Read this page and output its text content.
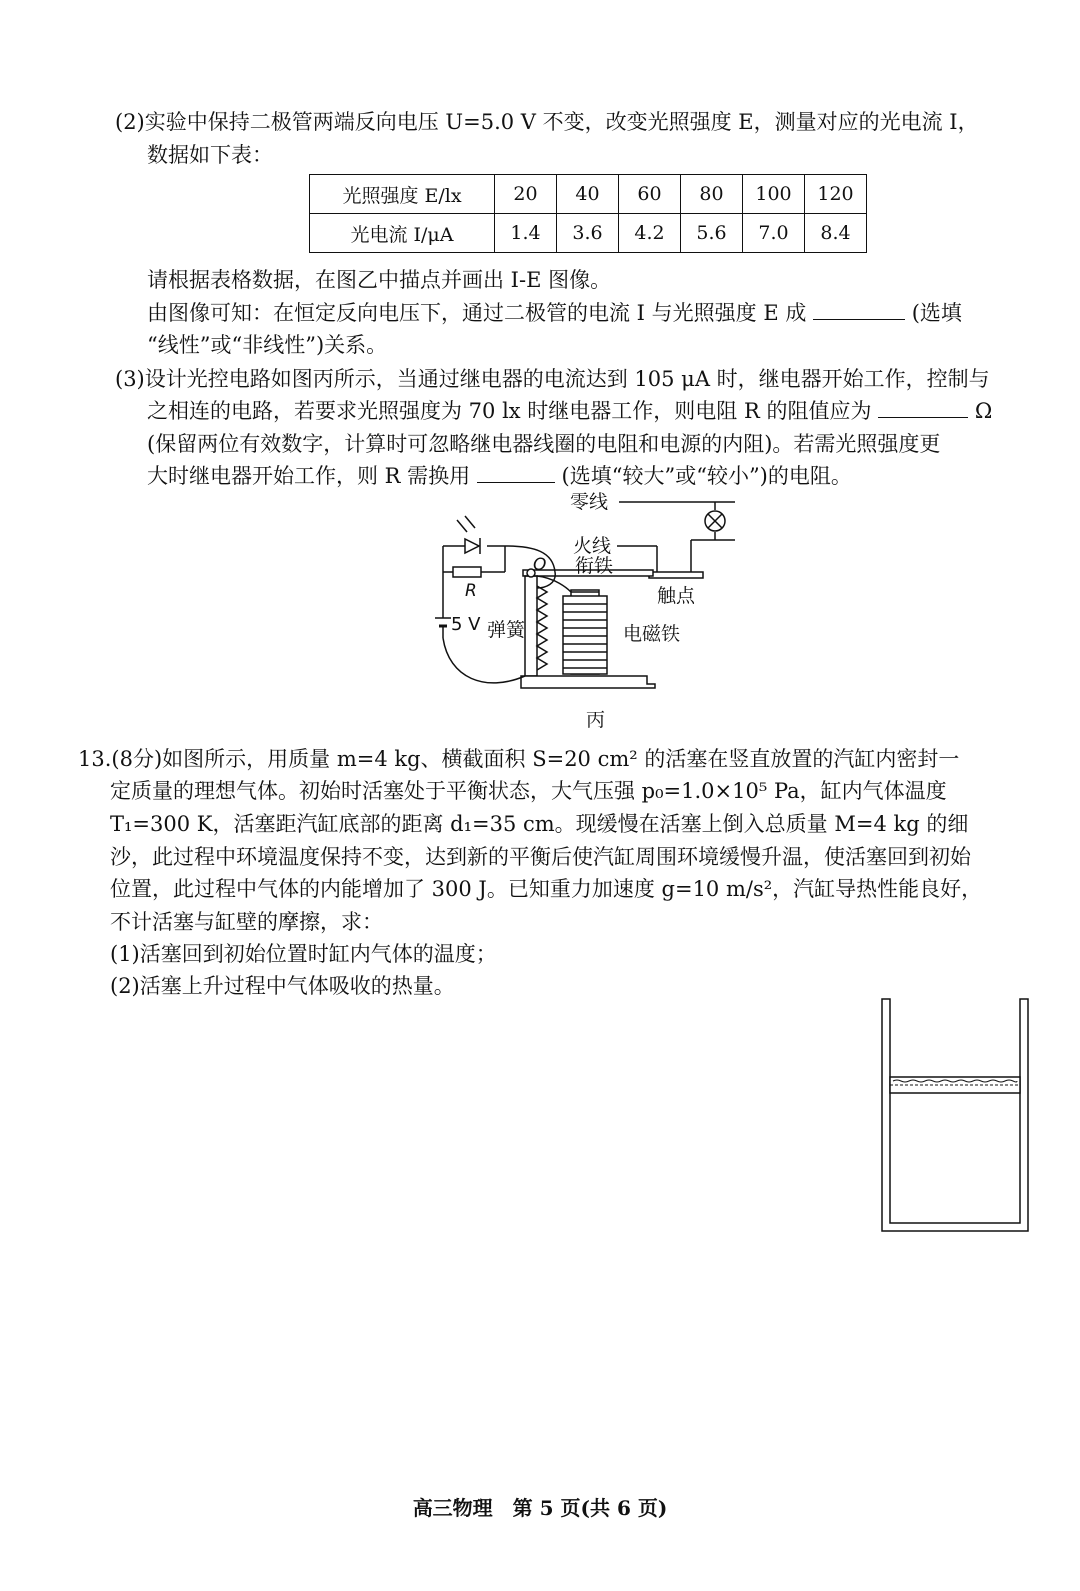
(2)实验中保持二极管两端反向电压 U=5.0 V 不变，改变光照强度 E，测量对应的光电流 I，
数据如下表：
光照强度 E/lx	20	40	60	80	100	120
光电流 I/μA	1.4	3.6	4.2	5.6	7.0	8.4
请根据表格数据，在图乙中描点并画出 I-E 图像。
由图像可知：在恒定反向电压下，通过二极管的电流 I 与光照强度 E 成	(选填
“线性”或“非线性”)关系。
(3)设计光控电路如图丙所示，当通过继电器的电流达到 105 μA 时，继电器开始工作，控制与
之相连的电路，若要求光照强度为 70 lx 时继电器工作，则电阻 R 的阻值应为	Ω
(保留两位有效数字，计算时可忽略继电器线圈的电阻和电源的内阻)。若需光照强度更
大时继电器开始工作，则 R 需换用	(选填“较大”或“较小”)的电阻。
零线
火线
衔铁
触点
弹簧	电磁铁
5 V
R
O
丙
13.(8分)如图所示，用质量 m=4 kg、横截面积 S=20 cm² 的活塞在竖直放置的汽缸内密封一
定质量的理想气体。初始时活塞处于平衡状态，大气压强 p₀=1.0×10⁵ Pa，缸内气体温度
T₁=300 K，活塞距汽缸底部的距离 d₁=35 cm。现缓慢在活塞上倒入总质量 M=4 kg 的细
沙，此过程中环境温度保持不变，达到新的平衡后使汽缸周围环境缓慢升温，使活塞回到初始
位置，此过程中气体的内能增加了 300 J。已知重力加速度 g=10 m/s²，汽缸导热性能良好，
不计活塞与缸壁的摩擦，求：
(1)活塞回到初始位置时缸内气体的温度；
(2)活塞上升过程中气体吸收的热量。
高三物理　第 5 页(共 6 页)
